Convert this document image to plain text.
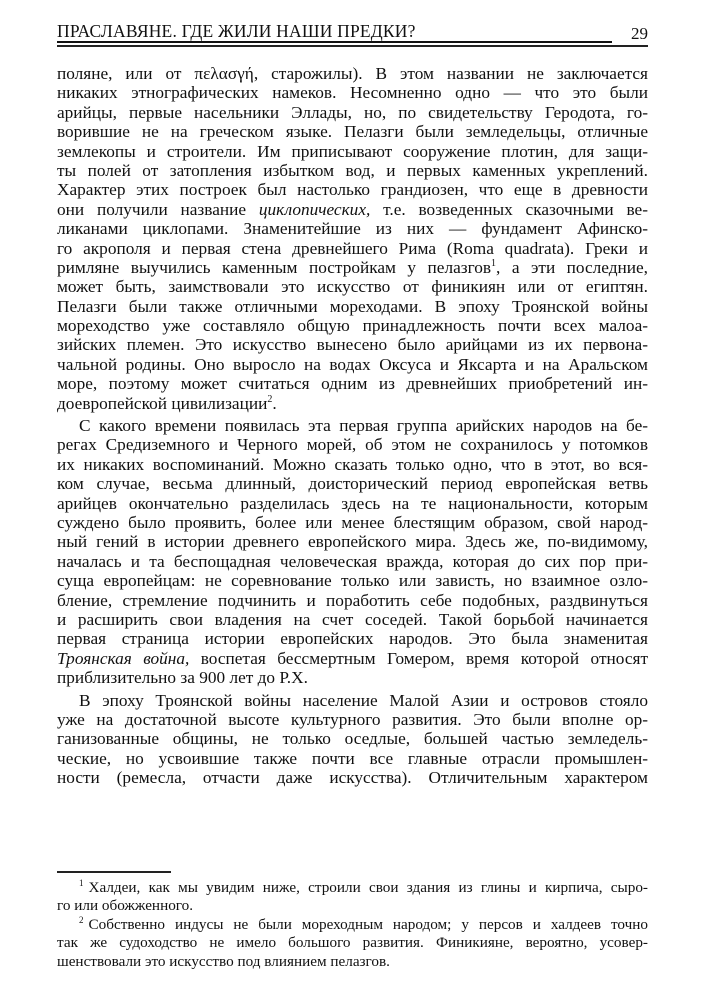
ПРАСЛАВЯНЕ. ГДЕ ЖИЛИ НАШИ ПРЕДКИ?	29
поляне, или от πελασγή, старожилы). В этом названии не заключается
никаких этнографических намеков. Несомненно одно — что это были
арийцы, первые насельники Эллады, но, по свидетельству Геродота, го-
ворившие не на греческом языке. Пелазги были земледельцы, отличные
землекопы и строители. Им приписывают сооружение плотин, для защи-
ты полей от затопления избытком вод, и первых каменных укреплений.
Характер этих построек был настолько грандиозен, что еще в древности
они получили название циклопических, т.е. возведенных сказочными ве-
ликанами циклопами. Знаменитейшие из них — фундамент Афинско-
го акрополя и первая стена древнейшего Рима (Roma quadrata). Греки и
римляне выучились каменным постройкам у пелазгов$^1$, а эти последние,
может быть, заимствовали это искусство от финикиян или от египтян.
Пелазги были также отличными мореходами. В эпоху Троянской войны
мореходство уже составляло общую принадлежность почти всех малоа-
зийских племен. Это искусство вынесено было арийцами из их первона-
чальной родины. Оно выросло на водах Оксуса и Яксарта и на Аральском
море, поэтому может считаться одним из древнейших приобретений ин-
доевропейской цивилизации$^2$.
С какого времени появилась эта первая группа арийских народов на бе-
регах Средиземного и Черного морей, об этом не сохранилось у потомков
их никаких воспоминаний. Можно сказать только одно, что в этот, во вся-
ком случае, весьма длинный, доисторический период европейская ветвь
арийцев окончательно разделилась здесь на те национальности, которым
суждено было проявить, более или менее блестящим образом, свой народ-
ный гений в истории древнего европейского мира. Здесь же, по-видимому,
началась и та беспощадная человеческая вражда, которая до сих пор при-
суща европейцам: не соревнование только или зависть, но взаимное озло-
бление, стремление подчинить и поработить себе подобных, раздвинуться
и расширить свои владения на счет соседей. Такой борьбой начинается
первая страница истории европейских народов. Это была знаменитая
Троянская война, воспетая бессмертным Гомером, время которой относят
приблизительно за 900 лет до Р.Х.
В эпоху Троянской войны население Малой Азии и островов стояло
уже на достаточной высоте культурного развития. Это были вполне ор-
ганизованные общины, не только оседлые, большей частью земледель-
ческие, но усвоившие также почти все главные отрасли промышлен-
ности (ремесла, отчасти даже искусства). Отличительным характером
$^1$ Халдеи, как мы увидим ниже, строили свои здания из глины и кирпича, сыро-
го или обожженного.
$^2$ Собственно индусы не были мореходным народом; у персов и халдеев точно
так же судоходство не имело большого развития. Финикияне, вероятно, усовер-
шенствовали это искусство под влиянием пелазгов.
